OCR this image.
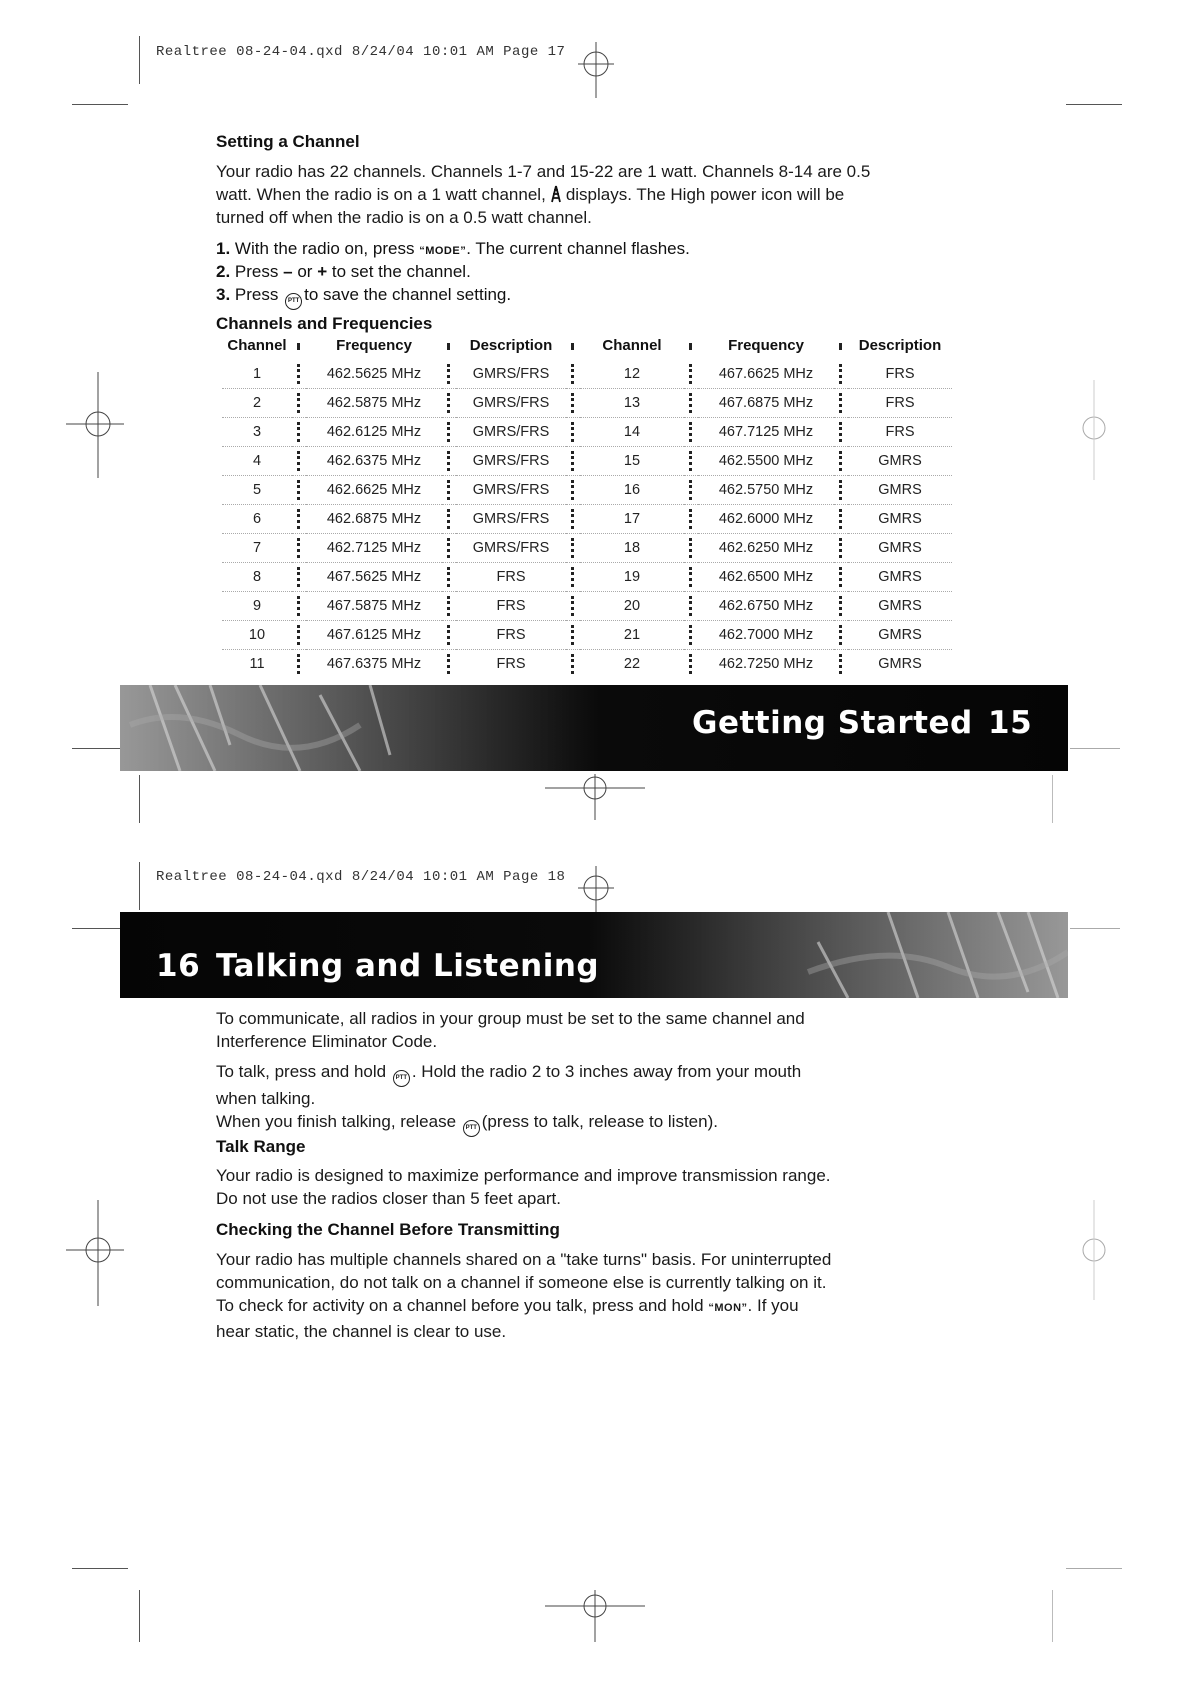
Realtree 08-24-04.qxd 8/24/04 10:01 AM Page 17
Setting a Channel
Your radio has 22 channels. Channels 1-7 and 15-22 are 1 watt. Channels 8-14 are 0.5
watt. When the radio is on a 1 watt channel, displays. The High power icon will be
turned off when the radio is on a 0.5 watt channel.
1. With the radio on, press “MODE”. The current channel flashes.
2. Press – or + to set the channel.
3. Press PTT to save the channel setting.
Channels and Frequencies
Channel		Frequency		Description		Channel		Frequency		Description
1		462.5625 MHz		GMRS/FRS		12		467.6625 MHz		FRS
2		462.5875 MHz		GMRS/FRS		13		467.6875 MHz		FRS
3		462.6125 MHz		GMRS/FRS		14		467.7125 MHz		FRS
4		462.6375 MHz		GMRS/FRS		15		462.5500 MHz		GMRS
5		462.6625 MHz		GMRS/FRS		16		462.5750 MHz		GMRS
6		462.6875 MHz		GMRS/FRS		17		462.6000 MHz		GMRS
7		462.7125 MHz		GMRS/FRS		18		462.6250 MHz		GMRS
8		467.5625 MHz		FRS		19		462.6500 MHz		GMRS
9		467.5875 MHz		FRS		20		462.6750 MHz		GMRS
10		467.6125 MHz		FRS		21		462.7000 MHz		GMRS
11		467.6375 MHz		FRS		22		462.7250 MHz		GMRS
Getting Started 15
Realtree 08-24-04.qxd 8/24/04 10:01 AM Page 18
16 Talking and Listening
To communicate, all radios in your group must be set to the same channel and
Interference Eliminator Code.
To talk, press and hold PTT . Hold the radio 2 to 3 inches away from your mouth
when talking.
When you finish talking, release PTT (press to talk, release to listen).
Talk Range
Your radio is designed to maximize performance and improve transmission range.
Do not use the radios closer than 5 feet apart.
Checking the Channel Before Transmitting
Your radio has multiple channels shared on a "take turns" basis. For uninterrupted
communication, do not talk on a channel if someone else is currently talking on it.
To check for activity on a channel before you talk, press and hold “MON”. If you
hear static, the channel is clear to use.
